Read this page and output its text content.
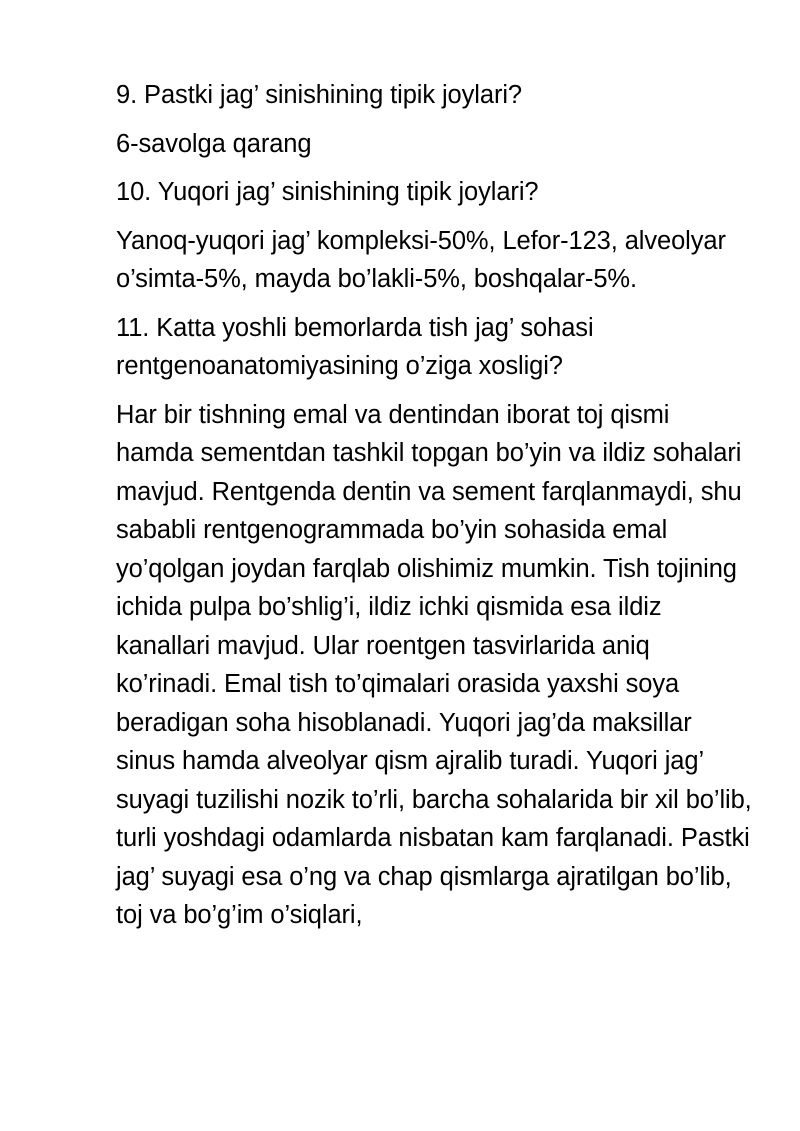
9. Pastki jag’ sinishining tipik joylari?

6-savolga qarang

10. Yuqori jag’ sinishining tipik joylari?

Yanoq-yuqori jag’ kompleksi-50%, Lefor-123, alveolyar o’simta-5%, mayda bo’lakli-5%, boshqalar-5%.

11. Katta yoshli bemorlarda tish jag’ sohasi rentgenoanatomiyasining o’ziga xosligi?

Har bir tishning emal va dentindan iborat toj qismi hamda sementdan tashkil topgan bo’yin va ildiz sohalari mavjud. Rentgenda dentin va sement farqlanmaydi, shu sababli rentgenogrammada bo’yin sohasida emal yo’qolgan joydan farqlab olishimiz mumkin. Tish tojining ichida pulpa bo’shlig’i, ildiz ichki qismida esa ildiz kanallari mavjud. Ular roentgen tasvirlarida aniq ko’rinadi. Emal tish to’qimalari orasida yaxshi soya beradigan soha hisoblanadi. Yuqori jag’da maksillar sinus hamda alveolyar qism ajralib turadi. Yuqori jag’ suyagi tuzilishi nozik to’rli, barcha sohalarida bir xil bo’lib, turli yoshdagi odamlarda nisbatan kam farqlanadi. Pastki jag’ suyagi esa o’ng va chap qismlarga ajratilgan bo’lib, toj va bo’g’im o’siqlari,
